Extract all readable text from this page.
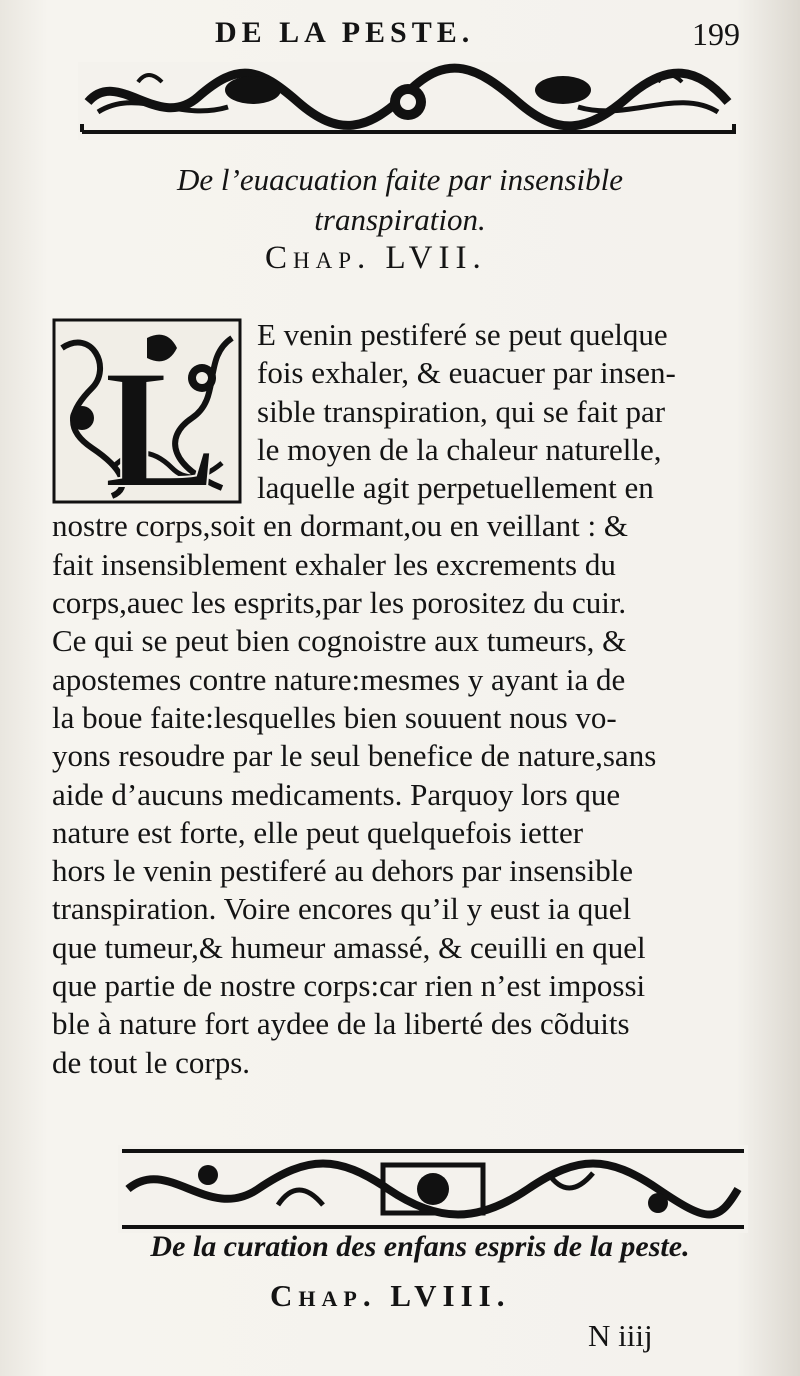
DE LA PESTE.	199
De l’euacuation faite par insensible
transpiration.
Chap. LVII.
L
E venin pestiferé se peut quelque
fois exhaler, & euacuer par insen-
sible transpiration, qui se fait par
le moyen de la chaleur naturelle,
laquelle agit perpetuellement en
nostre corps,soit en dormant,ou en veillant : &
fait insensiblement exhaler les excrements du
corps,auec les esprits,par les porositez du cuir.
Ce qui se peut bien cognoistre aux tumeurs, &
apostemes contre nature:mesmes y ayant ia de
la boue faite:lesquelles bien souuent nous vo-
yons resoudre par le seul benefice de nature,sans
aide d’aucuns medicaments. Parquoy lors que
nature est forte, elle peut quelquefois ietter
hors le venin pestiferé au dehors par insensible
transpiration. Voire encores qu’il y eust ia quel
que tumeur,& humeur amassé, & ceuilli en quel
que partie de nostre corps:car rien n’est impossi
ble à nature fort aydee de la liberté des cõduits
de tout le corps.
De la curation des enfans espris de la peste.
Chap. LVIII.
N iiij
